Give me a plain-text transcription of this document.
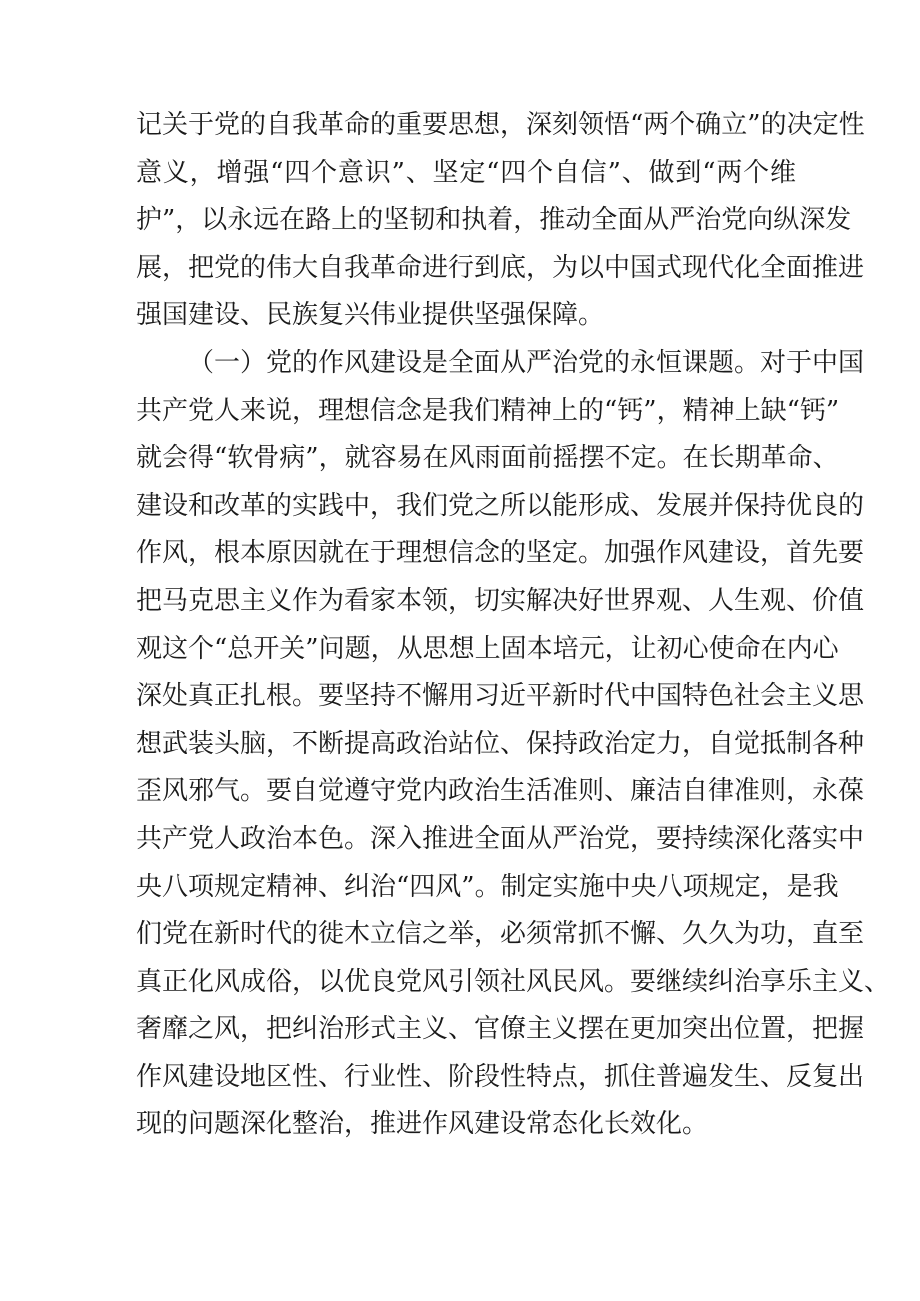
记关于党的自我革命的重要思想，深刻领悟“两个确立”的决定性
意义，增强“四个意识”、坚定“四个自信”、做到“两个维
护”，以永远在路上的坚韧和执着，推动全面从严治党向纵深发
展，把党的伟大自我革命进行到底，为以中国式现代化全面推进
强国建设、民族复兴伟业提供坚强保障。
（一）党的作风建设是全面从严治党的永恒课题。对于中国
共产党人来说，理想信念是我们精神上的“钙”，精神上缺“钙”
就会得“软骨病”，就容易在风雨面前摇摆不定。在长期革命、
建设和改革的实践中，我们党之所以能形成、发展并保持优良的
作风，根本原因就在于理想信念的坚定。加强作风建设，首先要
把马克思主义作为看家本领，切实解决好世界观、人生观、价值
观这个“总开关”问题，从思想上固本培元，让初心使命在内心
深处真正扎根。要坚持不懈用习近平新时代中国特色社会主义思
想武装头脑，不断提高政治站位、保持政治定力，自觉抵制各种
歪风邪气。要自觉遵守党内政治生活准则、廉洁自律准则，永葆
共产党人政治本色。深入推进全面从严治党，要持续深化落实中
央八项规定精神、纠治“四风”。制定实施中央八项规定，是我
们党在新时代的徙木立信之举，必须常抓不懈、久久为功，直至
真正化风成俗，以优良党风引领社风民风。要继续纠治享乐主义、
奢靡之风，把纠治形式主义、官僚主义摆在更加突出位置，把握
作风建设地区性、行业性、阶段性特点，抓住普遍发生、反复出
现的问题深化整治，推进作风建设常态化长效化。
